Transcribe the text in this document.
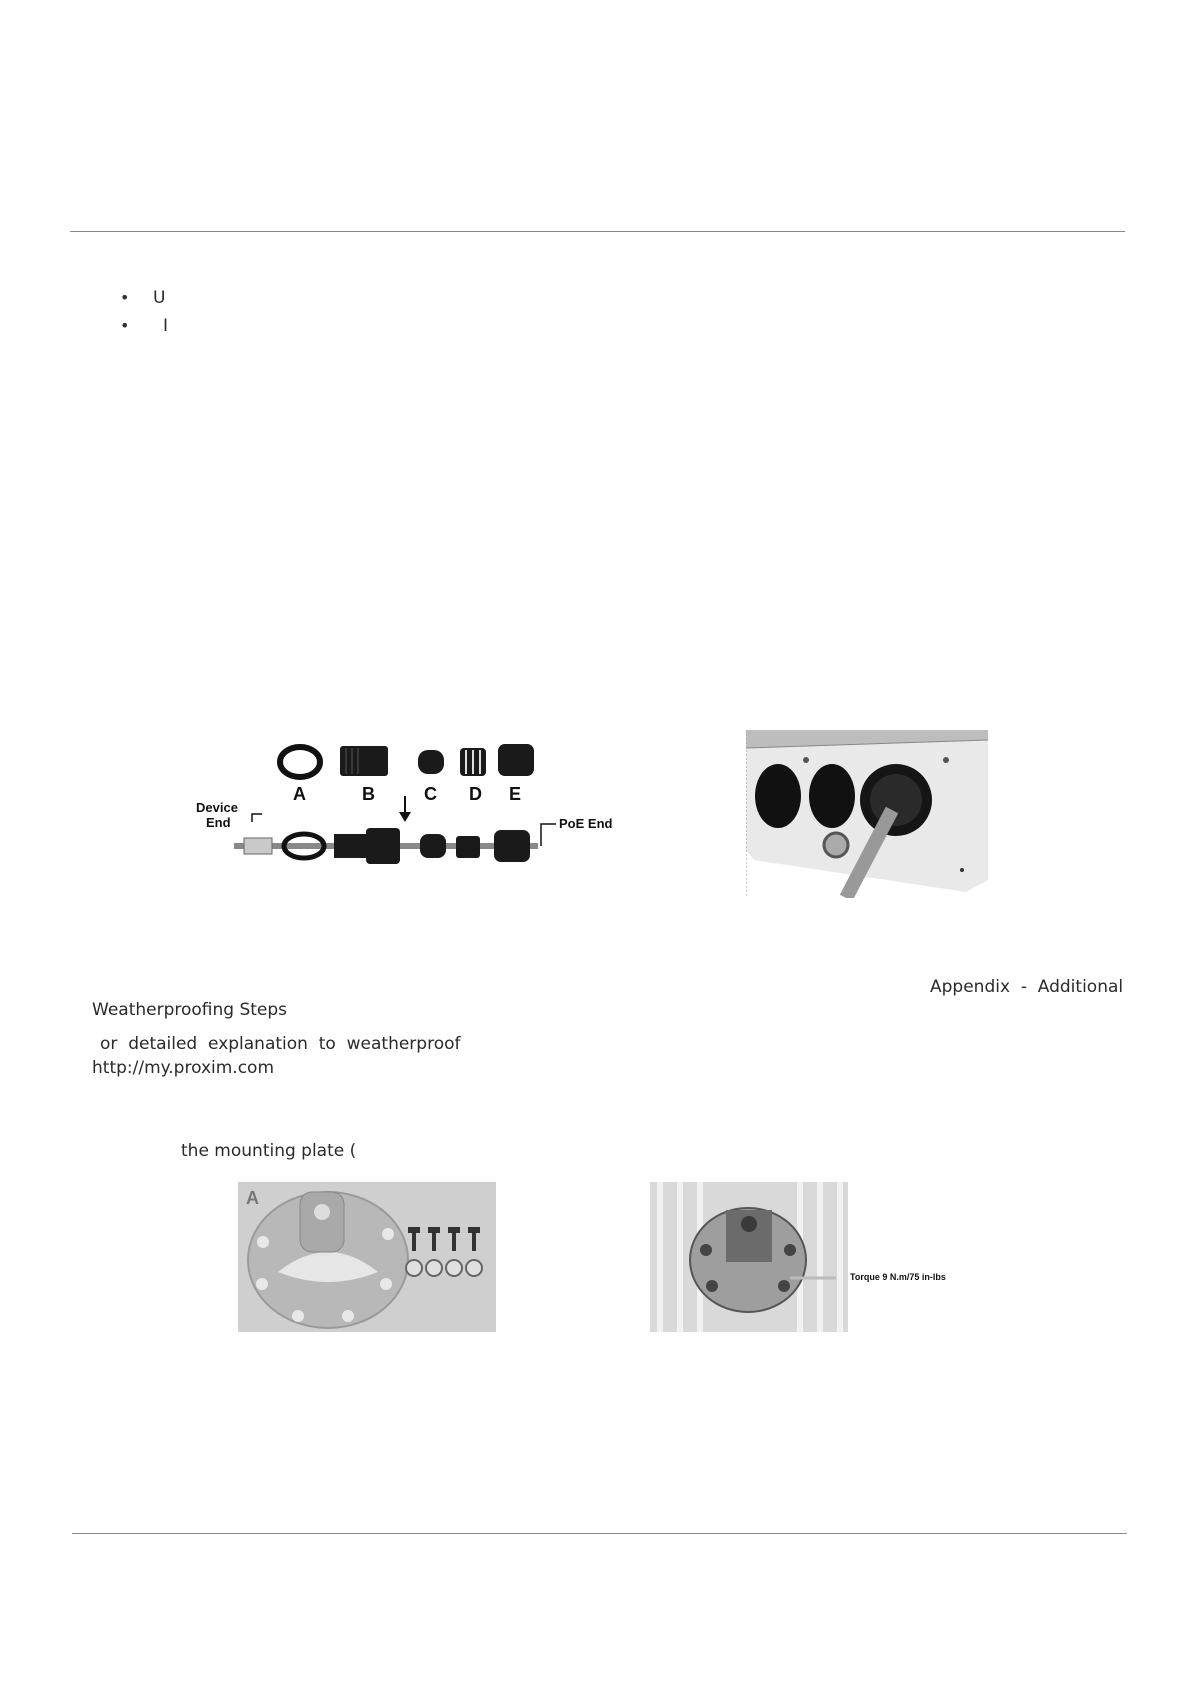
• U
• I
A	B	C D E
Device
End	PoE End
Appendix  -  Additional
Weatherproofing Steps
or  detailed  explanation  to  weatherproof
http://my.proxim.com
the mounting plate (
A
Torque 9 N.m/75 in-lbs
